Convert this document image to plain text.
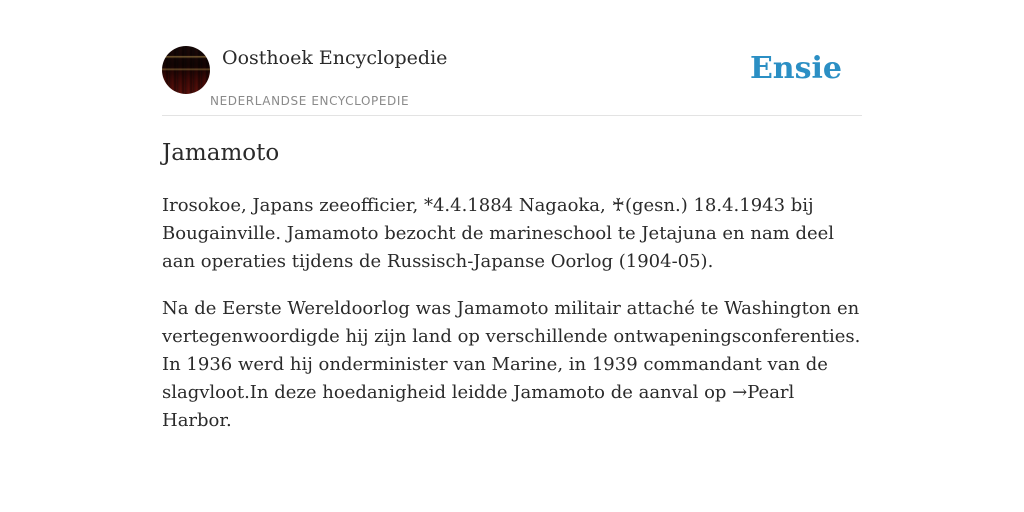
Oosthoek Encyclopedie
NEDERLANDSE ENCYCLOPEDIE
Ensie
Jamamoto

Irosokoe, Japans zeeofficier, *4.4.1884 Nagaoka, ♰(gesn.) 18.4.1943 bij Bougainville. Jamamoto bezocht de marineschool te Jetajuna en nam deel aan operaties tijdens de Russisch-Japanse Oorlog (1904-05).

Na de Eerste Wereldoorlog was Jamamoto militair attaché te Washington en vertegenwoordigde hij zijn land op verschillende ontwapeningsconferenties. In 1936 werd hij onderminister van Marine, in 1939 commandant van de slagvloot.In deze hoedanigheid leidde Jamamoto de aanval op →Pearl Harbor.
